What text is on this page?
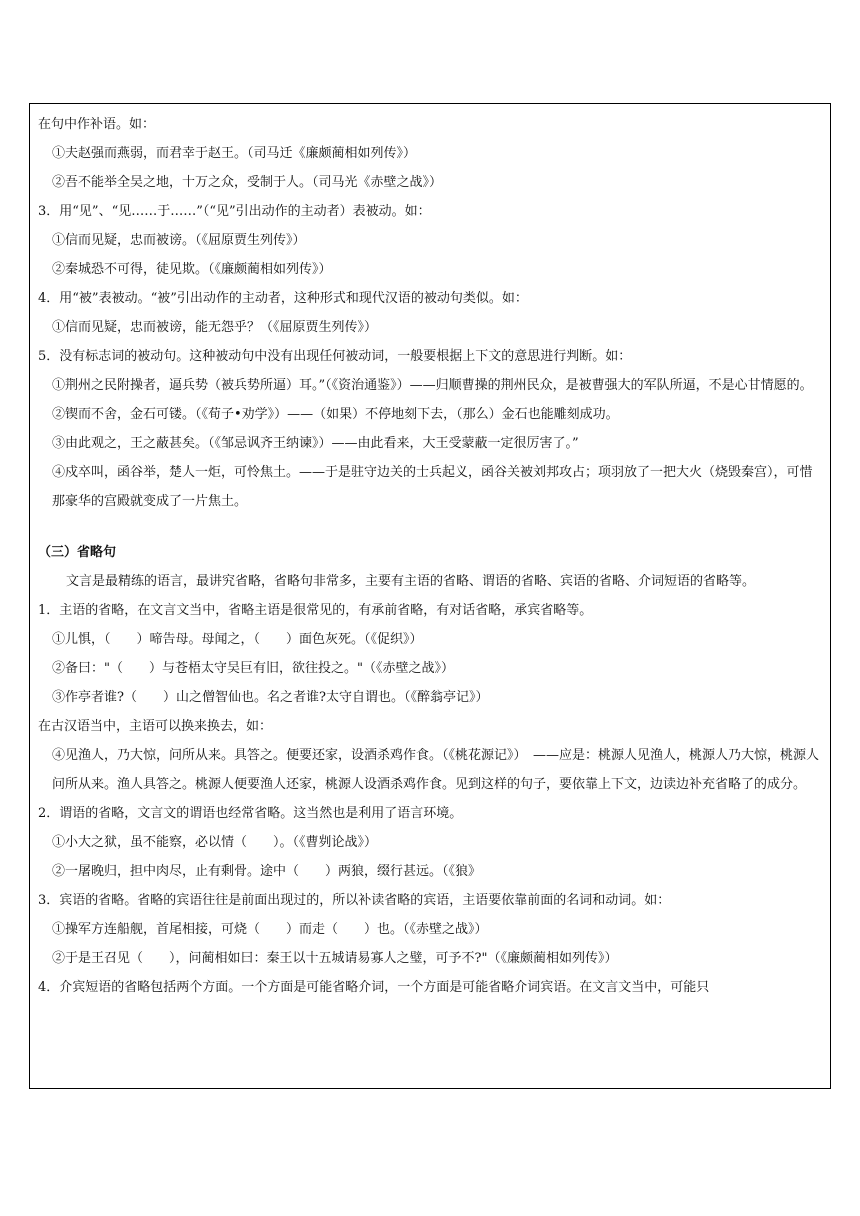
在句中作补语。如：
①夫赵强而燕弱，而君幸于赵王。（司马迁《廉颇蔺相如列传》）
②吾不能举全吴之地，十万之众，受制于人。（司马光《赤壁之战》）
3．用“见”、“见……于……”（“见”引出动作的主动者）表被动。如：
①信而见疑，忠而被谤。（《屈原贾生列传》）
②秦城恐不可得，徒见欺。（《廉颇蔺相如列传》）
4．用“被”表被动。“被”引出动作的主动者，这种形式和现代汉语的被动句类似。如：
①信而见疑，忠而被谤，能无怨乎？（《屈原贾生列传》）
5．没有标志词的被动句。这种被动句中没有出现任何被动词，一般要根据上下文的意思进行判断。如：
①荆州之民附操者，逼兵势（被兵势所逼）耳。”（《资治通鉴》）——归顺曹操的荆州民众，是被曹强大的军队所逼，不是心甘情愿的。
②锲而不舍，金石可镂。（《荀子•劝学》）——（如果）不停地刻下去，（那么）金石也能雕刻成功。
③由此观之，王之蔽甚矣。（《邹忌讽齐王纳谏》）——由此看来，大王受蒙蔽一定很厉害了。”
④戍卒叫，函谷举，楚人一炬，可怜焦土。——于是驻守边关的士兵起义，函谷关被刘邦攻占；项羽放了一把大火（烧毁秦宫），可惜那豪华的宫殿就变成了一片焦土。
（三）省略句
文言是最精练的语言，最讲究省略，省略句非常多，主要有主语的省略、谓语的省略、宾语的省略、介词短语的省略等。
1．主语的省略，在文言文当中，省略主语是很常见的，有承前省略，有对话省略，承宾省略等。
①儿惧，（　　）啼告母。母闻之，（　　）面色灰死。（《促织》）
②备曰："（　　）与苍梧太守吴巨有旧，欲往投之。"（《赤壁之战》）
③作亭者谁?（　　）山之僧智仙也。名之者谁?太守自谓也。（《醉翁亭记》）
在古汉语当中，主语可以换来换去，如：
④见渔人，乃大惊，问所从来。具答之。便要还家，设酒杀鸡作食。（《桃花源记》）　——应是：桃源人见渔人，桃源人乃大惊，桃源人问所从来。渔人具答之。桃源人便要渔人还家，桃源人设酒杀鸡作食。见到这样的句子，要依靠上下文，边读边补充省略了的成分。
2．谓语的省略，文言文的谓语也经常省略。这当然也是利用了语言环境。
①小大之狱，虽不能察，必以情（　　）。（《曹刿论战》）
②一屠晚归，担中肉尽，止有剩骨。途中（　　）两狼，缀行甚远。（《狼》
3．宾语的省略。省略的宾语往往是前面出现过的，所以补读省略的宾语，主语要依靠前面的名词和动词。如：
①操军方连船舰，首尾相接，可烧（　　）而走（　　）也。（《赤壁之战》）
②于是王召见（　　），问蔺相如曰：秦王以十五城请易寡人之璧，可予不?"（《廉颇蔺相如列传》）
4．介宾短语的省略包括两个方面。一个方面是可能省略介词，一个方面是可能省略介词宾语。在文言文当中，可能只
